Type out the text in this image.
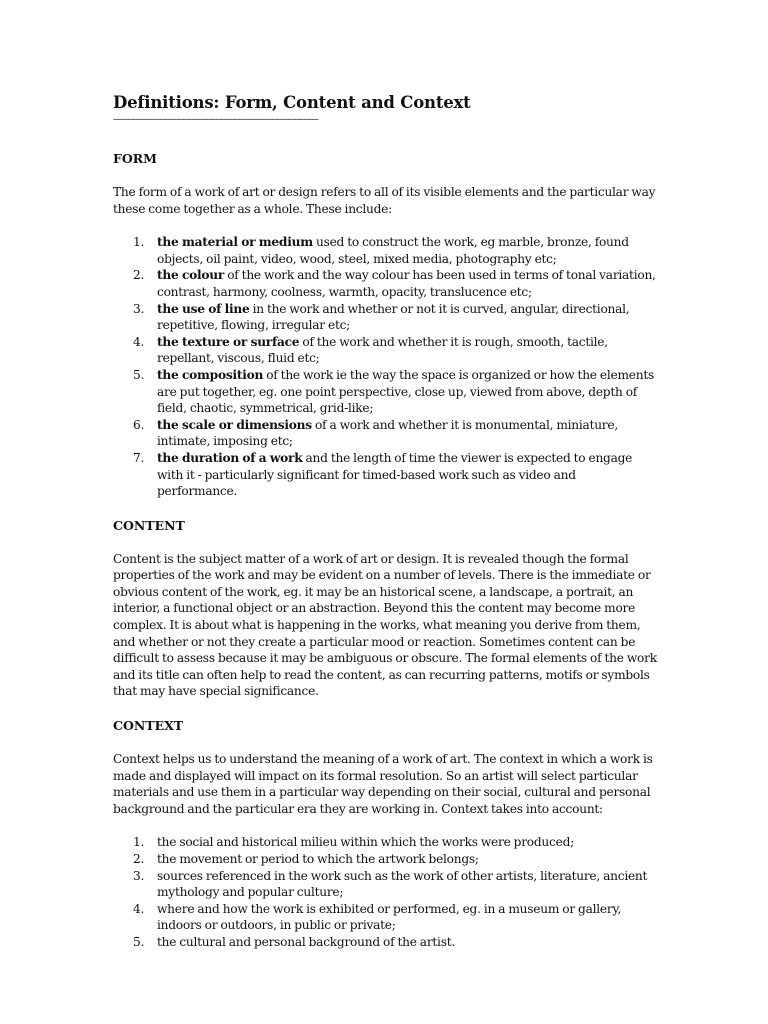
Definitions: Form, Content and Context
------------------------------------------------------------------------------------
FORM

The form of a work of art or design refers to all of its visible elements and the particular way these come together as a whole. These include:

1. the material or medium used to construct the work, eg marble, bronze, found objects, oil paint, video, wood, steel, mixed media, photography etc;
2. the colour of the work and the way colour has been used in terms of tonal variation, contrast, harmony, coolness, warmth, opacity, translucence etc;
3. the use of line in the work and whether or not it is curved, angular, directional, repetitive, flowing, irregular etc;
4. the texture or surface of the work and whether it is rough, smooth, tactile, repellant, viscous, fluid etc;
5. the composition of the work ie the way the space is organized or how the elements are put together, eg. one point perspective, close up, viewed from above, depth of field, chaotic, symmetrical, grid-like;
6. the scale or dimensions of a work and whether it is monumental, miniature, intimate, imposing etc;
7. the duration of a work and the length of time the viewer is expected to engage with it - particularly significant for timed-based work such as video and performance.
CONTENT

Content is the subject matter of a work of art or design. It is revealed though the formal properties of the work and may be evident on a number of levels. There is the immediate or obvious content of the work, eg. it may be an historical scene, a landscape, a portrait, an interior, a functional object or an abstraction. Beyond this the content may become more complex. It is about what is happening in the works, what meaning you derive from them, and whether or not they create a particular mood or reaction. Sometimes content can be difficult to assess because it may be ambiguous or obscure. The formal elements of the work and its title can often help to read the content, as can recurring patterns, motifs or symbols that may have special significance.

CONTEXT

Context helps us to understand the meaning of a work of art. The context in which a work is made and displayed will impact on its formal resolution. So an artist will select particular materials and use them in a particular way depending on their social, cultural and personal background and the particular era they are working in. Context takes into account:

1. the social and historical milieu within which the works were produced;
2. the movement or period to which the artwork belongs;
3. sources referenced in the work such as the work of other artists, literature, ancient mythology and popular culture;
4. where and how the work is exhibited or performed, eg. in a museum or gallery, indoors or outdoors, in public or private;
5. the cultural and personal background of the artist.
